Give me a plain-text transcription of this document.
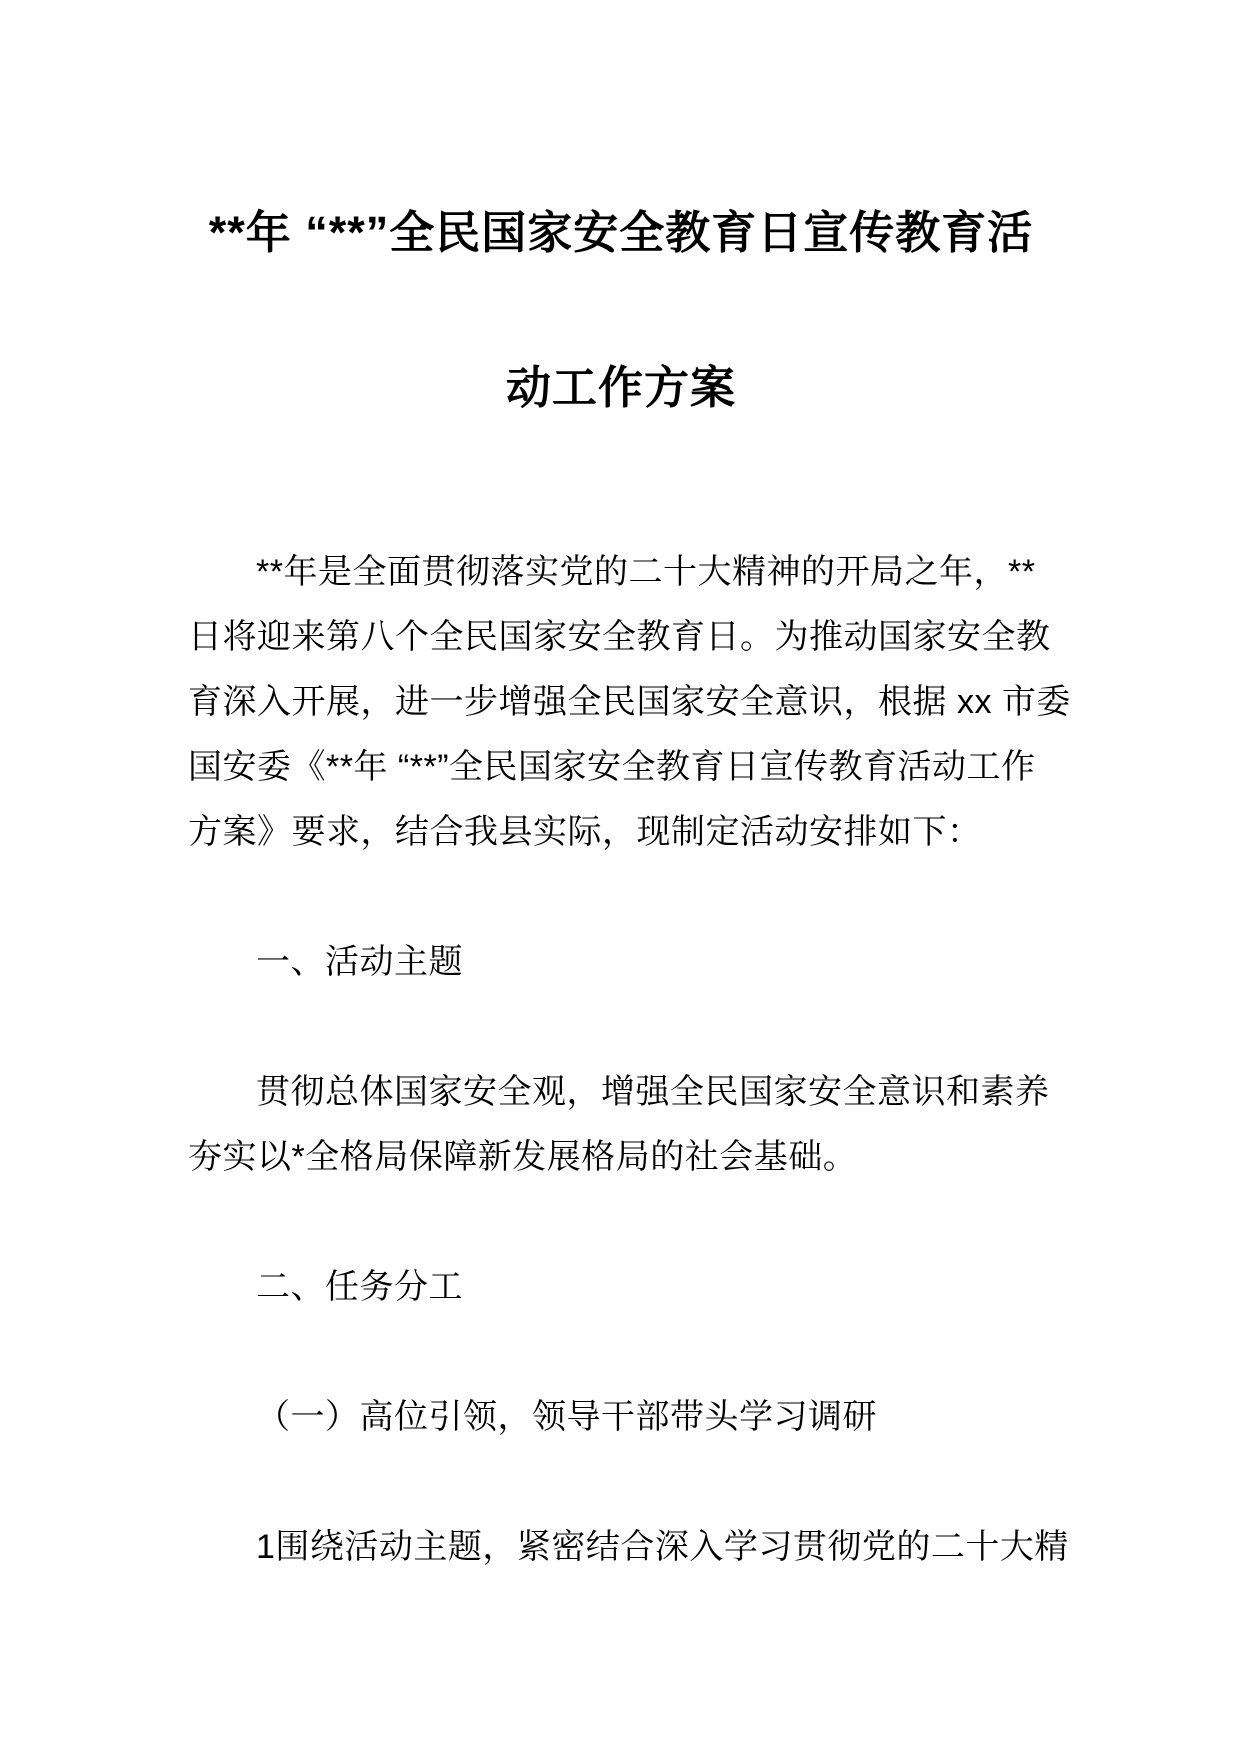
**年 “**”全民国家安全教育日宣传教育活
动工作方案
**年是全面贯彻落实党的二十大精神的开局之年，**
日将迎来第八个全民国家安全教育日。为推动国家安全教
育深入开展，进一步增强全民国家安全意识，根据 xx 市委
国安委《**年 “**”全民国家安全教育日宣传教育活动工作
方案》要求，结合我县实际，现制定活动安排如下：
一、活动主题
贯彻总体国家安全观，增强全民国家安全意识和素养
夯实以*全格局保障新发展格局的社会基础。
二、任务分工
（一）高位引领，领导干部带头学习调研
1围绕活动主题，紧密结合深入学习贯彻党的二十大精
